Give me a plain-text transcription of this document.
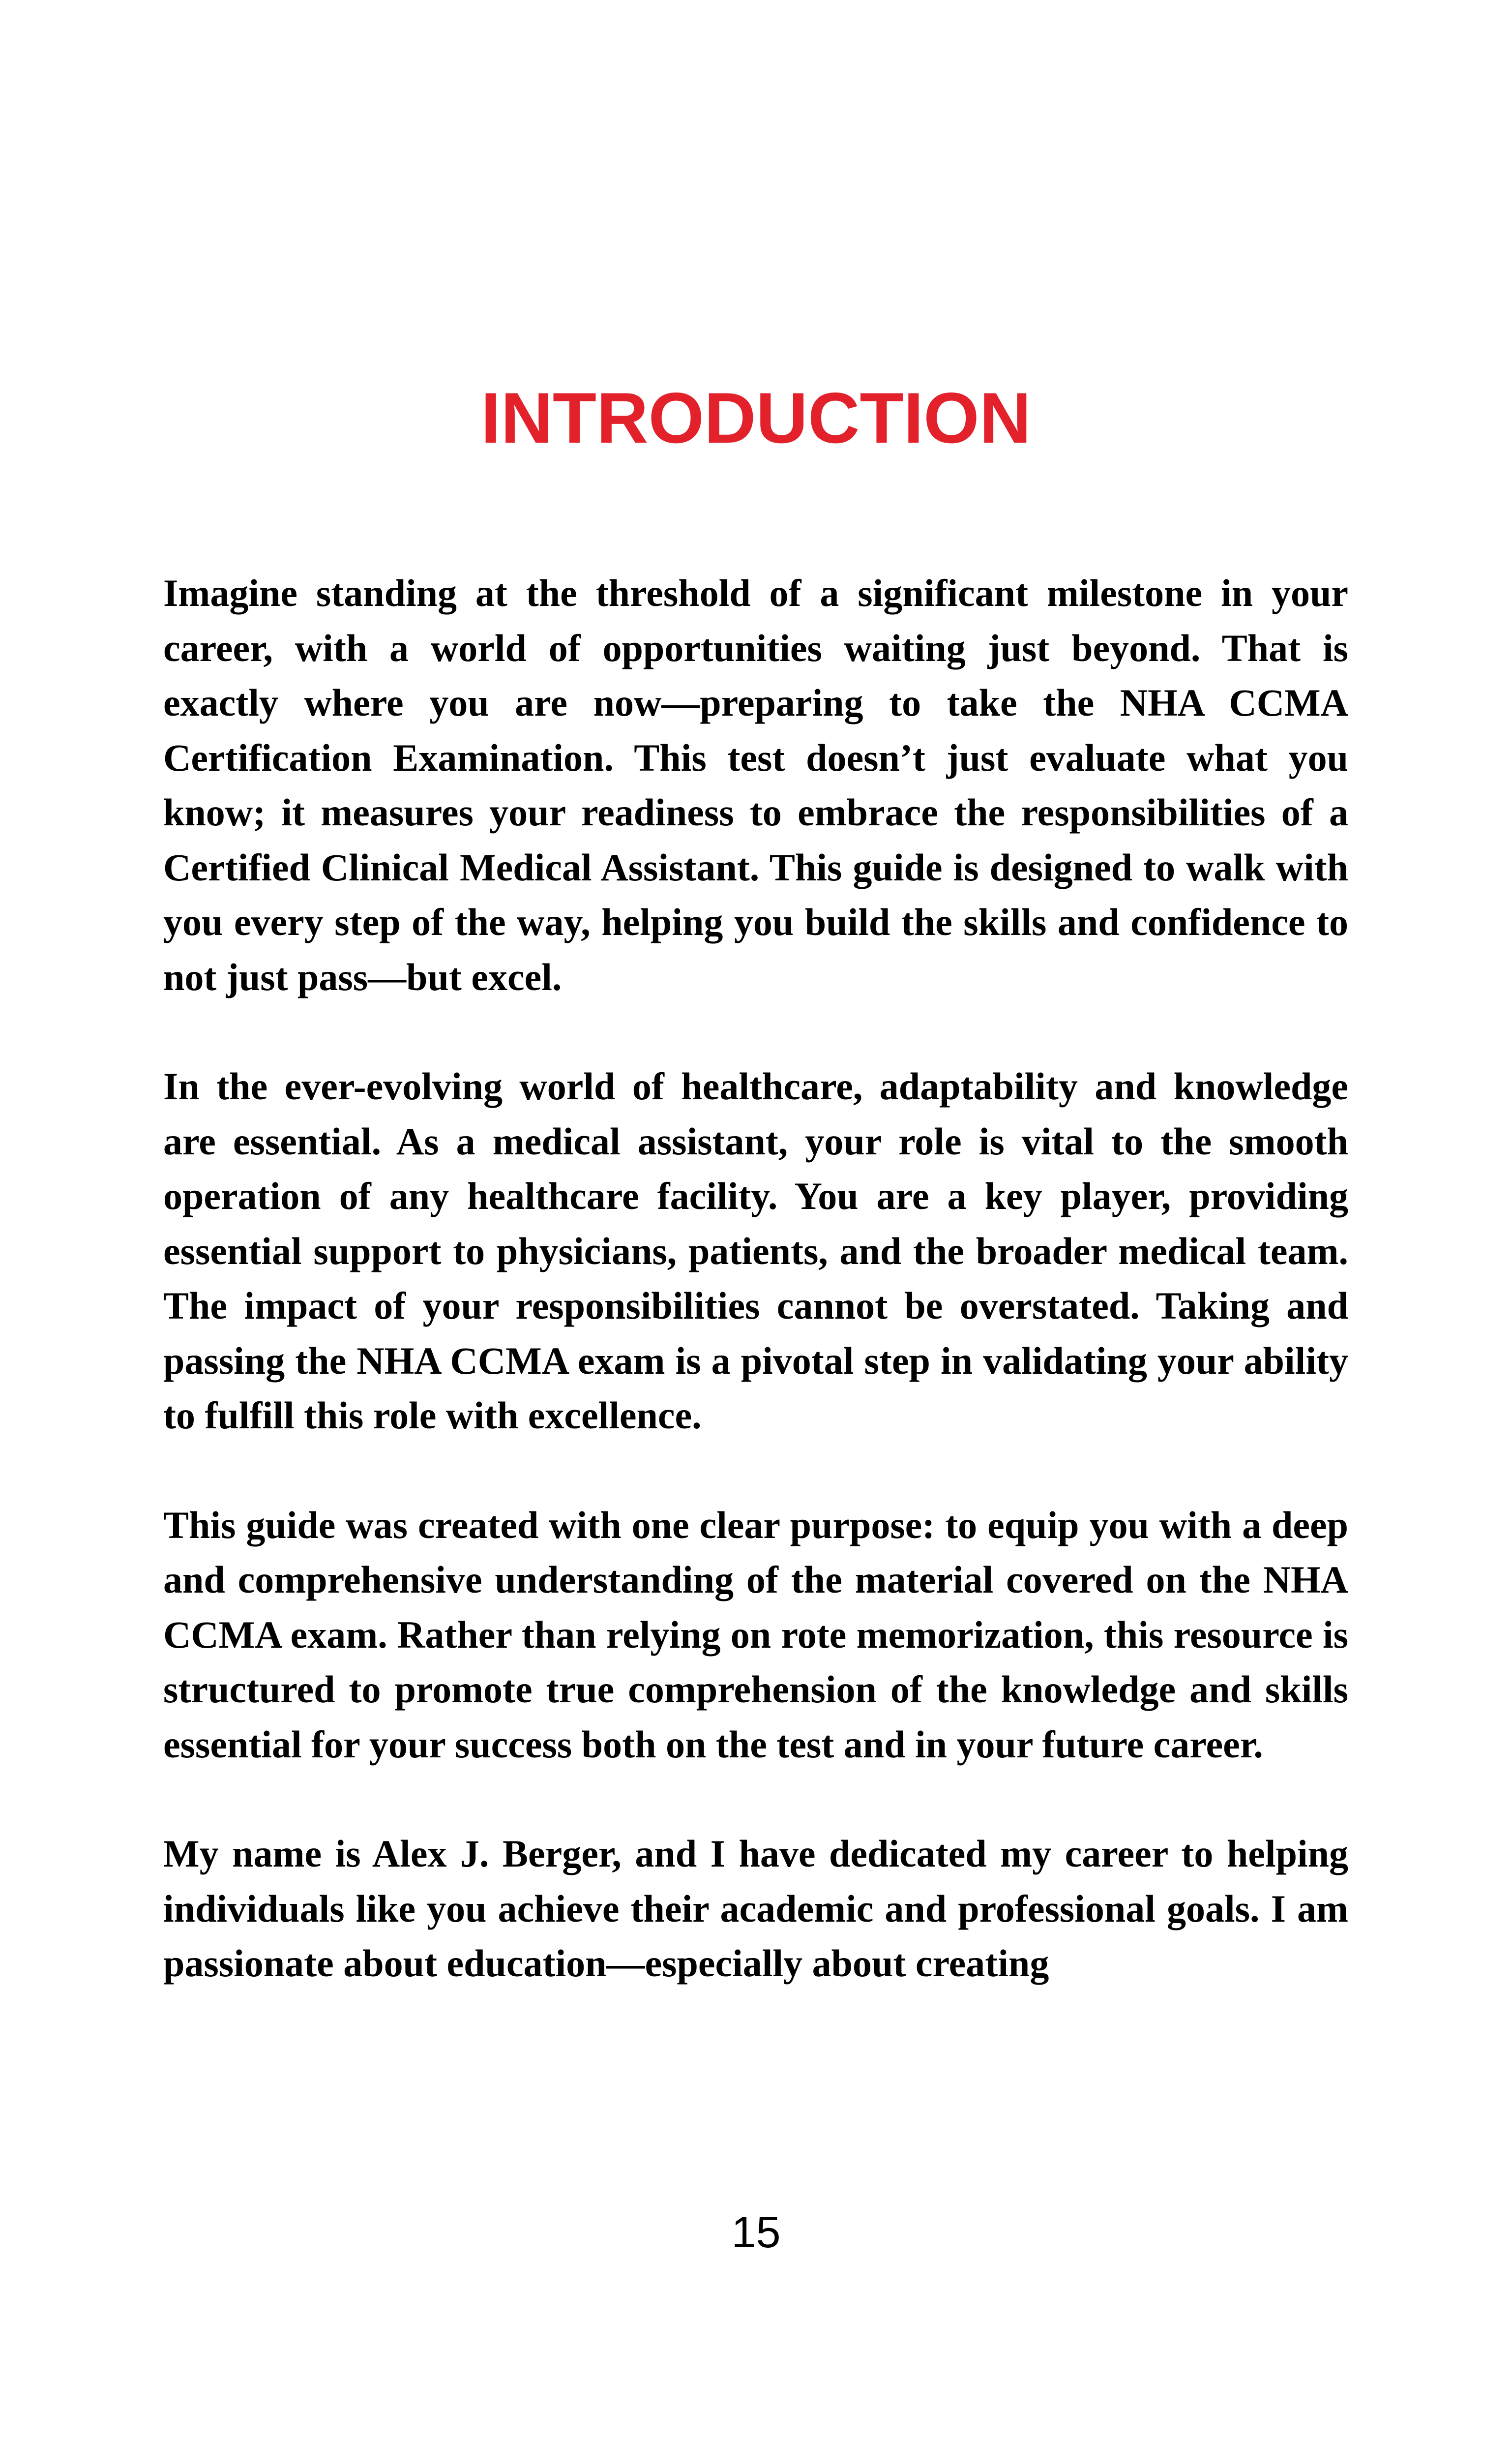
INTRODUCTION

Imagine standing at the threshold of a significant milestone in your career, with a world of opportunities waiting just beyond. That is exactly where you are now—preparing to take the NHA CCMA Certification Examination. This test doesn’t just evaluate what you know; it measures your readiness to embrace the responsibilities of a Certified Clinical Medical Assistant. This guide is designed to walk with you every step of the way, helping you build the skills and confidence to not just pass—but excel.

In the ever-evolving world of healthcare, adaptability and knowledge are essential. As a medical assistant, your role is vital to the smooth operation of any healthcare facility. You are a key player, providing essential support to physicians, patients, and the broader medical team. The impact of your responsibilities cannot be overstated. Taking and passing the NHA CCMA exam is a pivotal step in validating your ability to fulfill this role with excellence.

This guide was created with one clear purpose: to equip you with a deep and comprehensive understanding of the material covered on the NHA CCMA exam. Rather than relying on rote memorization, this resource is structured to promote true comprehension of the knowledge and skills essential for your success both on the test and in your future career.

My name is Alex J. Berger, and I have dedicated my career to helping individuals like you achieve their academic and professional goals. I am passionate about education—especially about creating

15
